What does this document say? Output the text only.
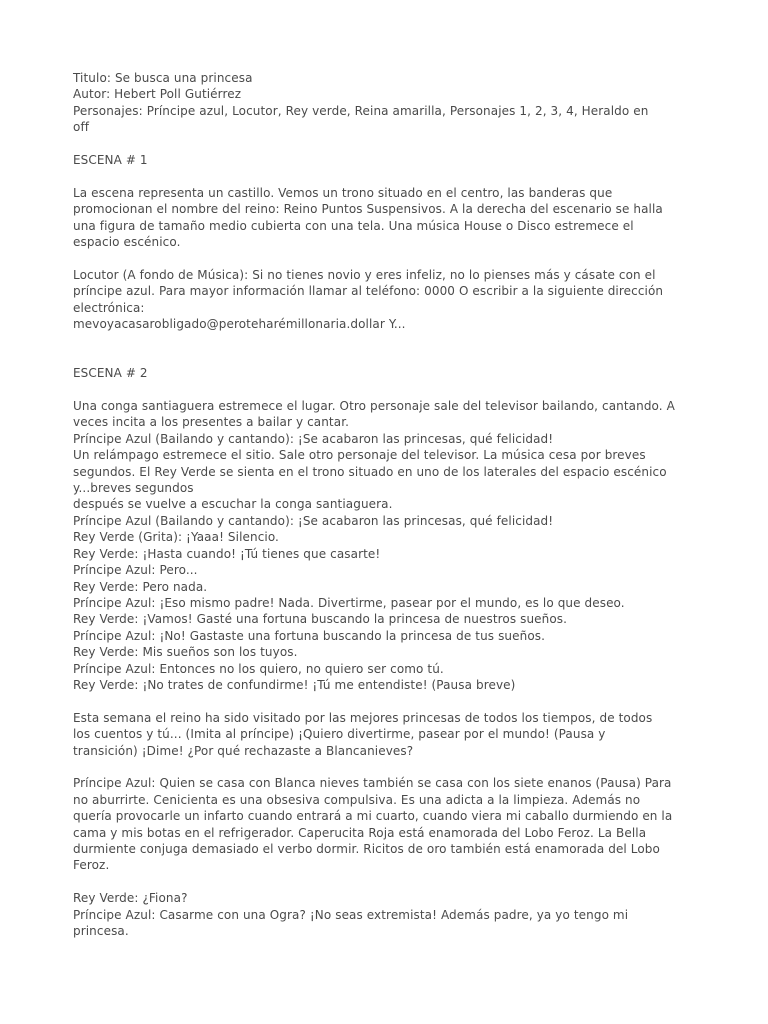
Titulo: Se busca una princesa
Autor: Hebert Poll Gutiérrez
Personajes: Príncipe azul, Locutor, Rey verde, Reina amarilla, Personajes 1, 2, 3, 4, Heraldo en
off
ESCENA # 1
La escena representa un castillo. Vemos un trono situado en el centro, las banderas que
promocionan el nombre del reino: Reino Puntos Suspensivos. A la derecha del escenario se halla
una figura de tamaño medio cubierta con una tela. Una música House o Disco estremece el
espacio escénico.
Locutor (A fondo de Música): Si no tienes novio y eres infeliz, no lo pienses más y cásate con el
príncipe azul. Para mayor información llamar al teléfono: 0000 O escribir a la siguiente dirección
electrónica:
mevoyacasarobligado@peroteharémillonaria.dollar Y...
ESCENA # 2
Una conga santiaguera estremece el lugar. Otro personaje sale del televisor bailando, cantando. A
veces incita a los presentes a bailar y cantar.
Príncipe Azul (Bailando y cantando): ¡Se acabaron las princesas, qué felicidad!
Un relámpago estremece el sitio. Sale otro personaje del televisor. La música cesa por breves
segundos. El Rey Verde se sienta en el trono situado en uno de los laterales del espacio escénico
y...breves segundos
después se vuelve a escuchar la conga santiaguera.
Príncipe Azul (Bailando y cantando): ¡Se acabaron las princesas, qué felicidad!
Rey Verde (Grita): ¡Yaaa! Silencio.
Rey Verde: ¡Hasta cuando! ¡Tú tienes que casarte!
Príncipe Azul: Pero...
Rey Verde: Pero nada.
Príncipe Azul: ¡Eso mismo padre! Nada. Divertirme, pasear por el mundo, es lo que deseo.
Rey Verde: ¡Vamos! Gasté una fortuna buscando la princesa de nuestros sueños.
Príncipe Azul: ¡No! Gastaste una fortuna buscando la princesa de tus sueños.
Rey Verde: Mis sueños son los tuyos.
Príncipe Azul: Entonces no los quiero, no quiero ser como tú.
Rey Verde: ¡No trates de confundirme! ¡Tú me entendiste! (Pausa breve)
Esta semana el reino ha sido visitado por las mejores princesas de todos los tiempos, de todos
los cuentos y tú... (Imita al príncipe) ¡Quiero divertirme, pasear por el mundo! (Pausa y
transición) ¡Dime! ¿Por qué rechazaste a Blancanieves?
Príncipe Azul: Quien se casa con Blanca nieves también se casa con los siete enanos (Pausa) Para
no aburrirte. Cenicienta es una obsesiva compulsiva. Es una adicta a la limpieza. Además no
quería provocarle un infarto cuando entrará a mi cuarto, cuando viera mi caballo durmiendo en la
cama y mis botas en el refrigerador. Caperucita Roja está enamorada del Lobo Feroz. La Bella
durmiente conjuga demasiado el verbo dormir. Ricitos de oro también está enamorada del Lobo
Feroz.
Rey Verde: ¿Fiona?
Príncipe Azul: Casarme con una Ogra? ¡No seas extremista! Además padre, ya yo tengo mi
princesa.
